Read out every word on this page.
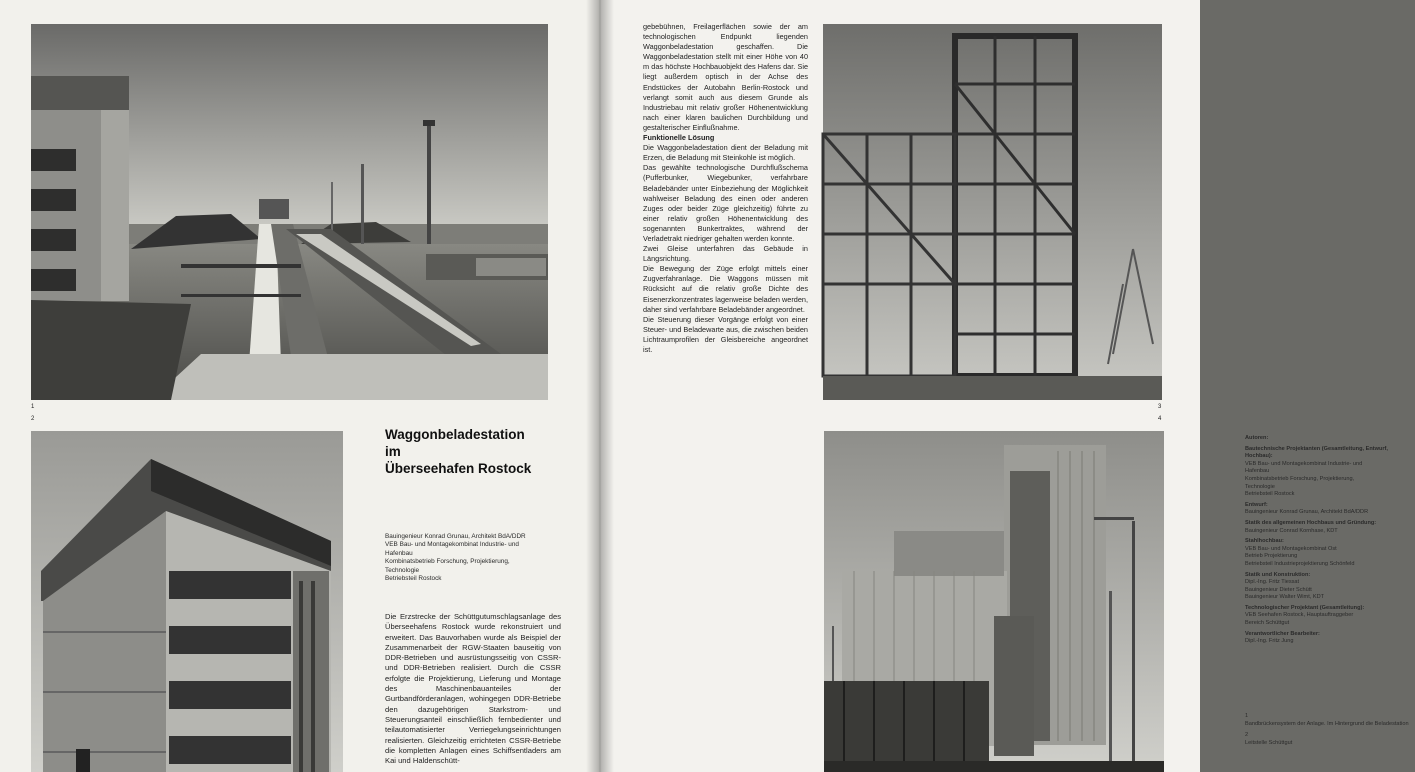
1
2
Waggonbeladestation
im
Überseehafen Rostock
Bauingenieur Konrad Grunau, Architekt BdA/DDR
VEB Bau- und Montagekombinat Industrie- und
Hafenbau
Kombinatsbetrieb Forschung, Projektierung,
Technologie
Betriebsteil Rostock

Die Erzstrecke der Schüttgutumschlagsanlage des Überseehafens Rostock wurde rekonstruiert und erweitert. Das Bauvorhaben wurde als Beispiel der Zusammenarbeit der RGW-Staaten bauseitig von DDR-Betrieben und ausrüstungsseitig von CSSR- und DDR-Betrieben realisiert. Durch die CSSR erfolgte die Projektierung, Lieferung und Montage des Maschinenbauanteiles der Gurtbandförderanlagen, wohingegen DDR-Betriebe den dazugehörigen Starkstrom- und Steuerungsanteil einschließlich fernbedienter und teilautomatisierter Verriegelungseinrichtungen realisierten. Gleichzeitig errichteten CSSR-Betriebe die kompletten Anlagen eines Schiffsentladers am Kai und Haldenschütt-

gebebühnen, Freilagerflächen sowie der am technologischen Endpunkt liegenden Waggonbeladestation geschaffen. Die Waggonbeladestation stellt mit einer Höhe von 40 m das höchste Hochbauobjekt des Hafens dar. Sie liegt außerdem optisch in der Achse des Endstückes der Autobahn Berlin-Rostock und verlangt somit auch aus diesem Grunde als Industriebau mit relativ großer Höhenentwicklung nach einer klaren baulichen Durchbildung und gestalterischer Einflußnahme.

Funktionelle Lösung

Die Waggonbeladestation dient der Beladung mit Erzen, die Beladung mit Steinkohle ist möglich.

Das gewählte technologische Durchflußschema (Pufferbunker, Wiegebunker, verfahrbare Beladebänder unter Einbeziehung der Möglichkeit wahlweiser Beladung des einen oder anderen Zuges oder beider Züge gleichzeitig) führte zu einer relativ großen Höhenentwicklung des sogenannten Bunkertraktes, während der Verladetrakt niedriger gehalten werden konnte.

Zwei Gleise unterfahren das Gebäude in Längsrichtung.

Die Bewegung der Züge erfolgt mittels einer Zugverfahranlage. Die Waggons müssen mit Rücksicht auf die relativ große Dichte des Eisenerzkonzentrates lagenweise beladen werden, daher sind verfahrbare Beladebänder angeordnet.

Die Steuerung dieser Vorgänge erfolgt von einer Steuer- und Beladewarte aus, die zwischen beiden Lichtraumprofilen der Gleisbereiche angeordnet ist.

3
4
Autoren:
Bautechnische Projektanten (Gesamtleitung, Entwurf, Hochbau):
VEB Bau- und Montagekombinat Industrie- und
Hafenbau
Kombinatsbetrieb Forschung, Projektierung,
Technologie
Betriebsteil Rostock
Entwurf:
Bauingenieur Konrad Grunau, Architekt BdA/DDR
Statik des allgemeinen Hochbaus und Gründung:
Bauingenieur Conrad Kornhase, KDT
Stahlhochbau:
VEB Bau- und Montagekombinat Ost
Betrieb Projektierung
Betriebsteil Industrieprojektierung Schönfeld
Statik und Konstruktion:
Dipl.-Ing. Fritz Tiessat
Bauingenieur Dieter Schütt
Bauingenieur Walter Wimt, KDT
Technologischer Projektant (Gesamtleitung):
VEB Seehafen Rostock, Hauptauftraggeber
Bereich Schüttgut
Verantwortlicher Bearbeiter:
Dipl.-Ing. Fritz Jung
1
Bandbrückensystem der Anlage. Im Hintergrund die Beladestation
2
Leitstelle Schüttgut
